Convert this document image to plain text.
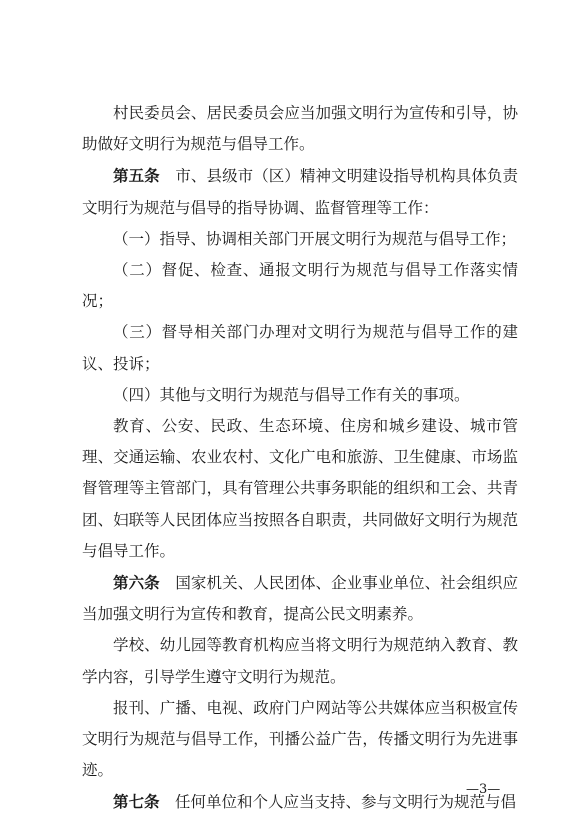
村民委员会、居民委员会应当加强文明行为宣传和引导，协助做好文明行为规范与倡导工作。

第五条　市、县级市（区）精神文明建设指导机构具体负责文明行为规范与倡导的指导协调、监督管理等工作：

（一）指导、协调相关部门开展文明行为规范与倡导工作；

（二）督促、检查、通报文明行为规范与倡导工作落实情况；

（三）督导相关部门办理对文明行为规范与倡导工作的建议、投诉；

（四）其他与文明行为规范与倡导工作有关的事项。

教育、公安、民政、生态环境、住房和城乡建设、城市管理、交通运输、农业农村、文化广电和旅游、卫生健康、市场监督管理等主管部门，具有管理公共事务职能的组织和工会、共青团、妇联等人民团体应当按照各自职责，共同做好文明行为规范与倡导工作。

第六条　国家机关、人民团体、企业事业单位、社会组织应当加强文明行为宣传和教育，提高公民文明素养。

学校、幼儿园等教育机构应当将文明行为规范纳入教育、教学内容，引导学生遵守文明行为规范。

报刊、广播、电视、政府门户网站等公共媒体应当积极宣传文明行为规范与倡导工作，刊播公益广告，传播文明行为先进事迹。

第七条　任何单位和个人应当支持、参与文明行为规范与倡

—3—
